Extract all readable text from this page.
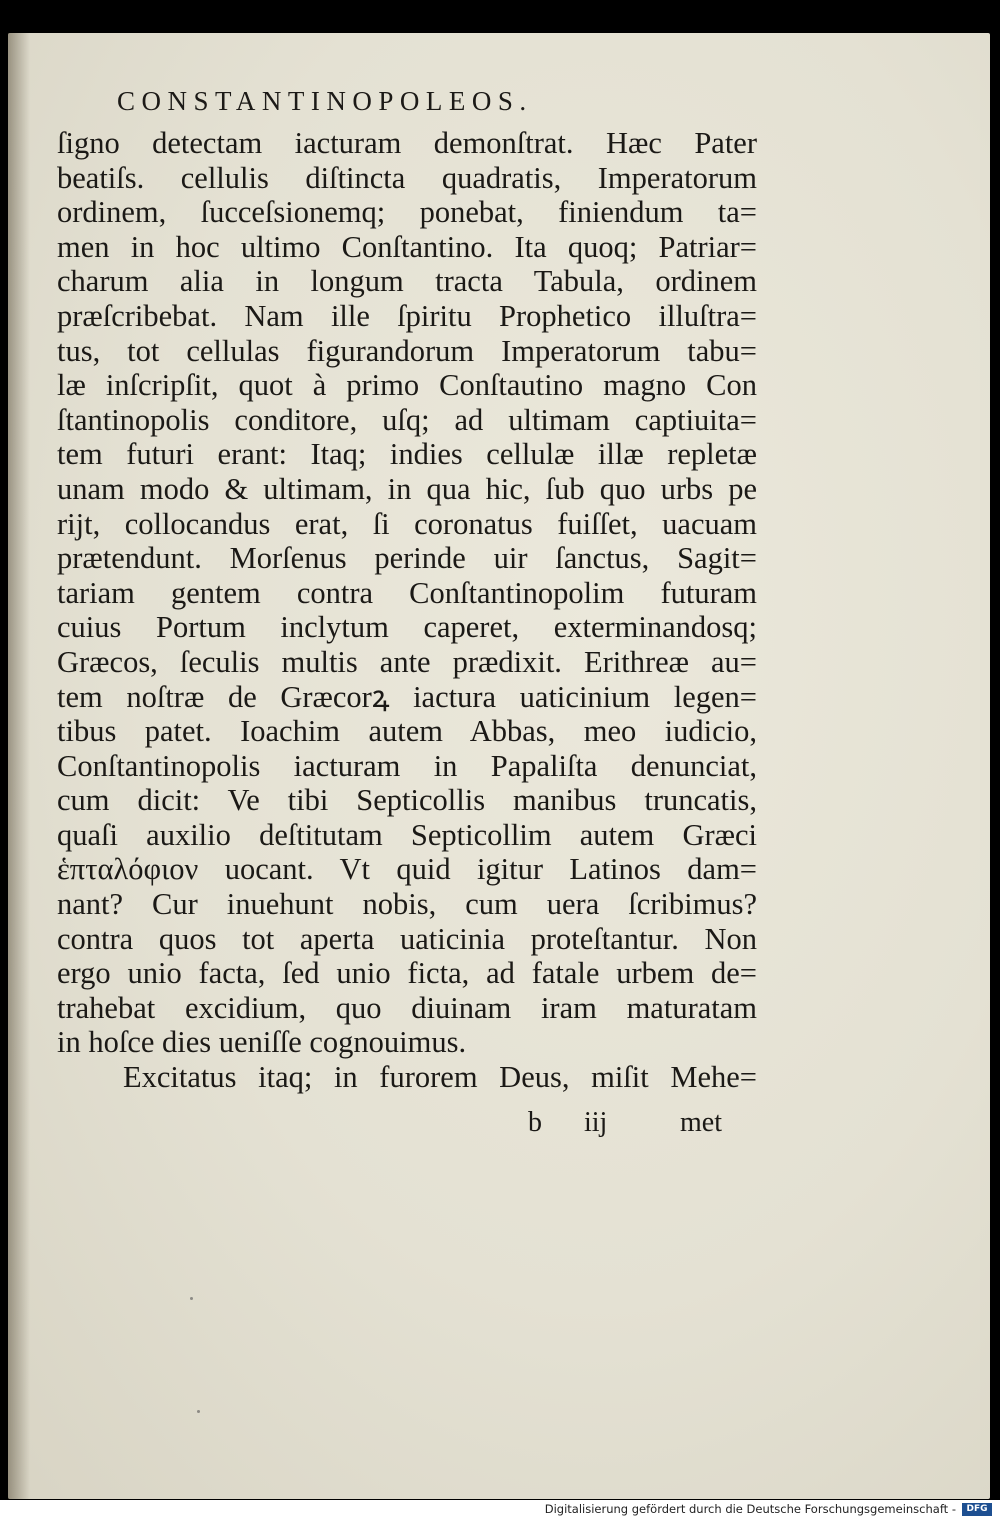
CONSTANTINOPOLEOS.
ſigno detectam iacturam demonſtrat. Hæc Pater
beatiſs. cellulis diſtincta quadratis, Imperatorum
ordinem, ſucceſsionemq; ponebat, finiendum ta=
men in hoc ultimo Conſtantino. Ita quoq; Patriar=
charum alia in longum tracta Tabula, ordinem
præſcribebat. Nam ille ſpiritu Prophetico illuſtra=
tus, tot cellulas figurandorum Imperatorum tabu=
læ inſcripſit, quot à primo Conſtautino magno Con
ſtantinopolis conditore, uſq; ad ultimam captiuita=
tem futuri erant: Itaq; indies cellulæ illæ repletæ
unam modo & ultimam, in qua hic, ſub quo urbs pe
rijt, collocandus erat, ſi coronatus fuiſſet, uacuam
prætendunt. Morſenus perinde uir ſanctus, Sagit=
tariam gentem contra Conſtantinopolim futuram
cuius Portum inclytum caperet, exterminandosq;
Græcos, ſeculis multis ante prædixit. Erithreæ au=
tem noſtræ de Græcorꝝ iactura uaticinium legen=
tibus patet. Ioachim autem Abbas, meo iudicio,
Conſtantinopolis iacturam in Papaliſta denunciat,
cum dicit: Ve tibi Septicollis manibus truncatis,
quaſi auxilio deſtitutam Septicollim autem Græci
ἑπταλόφιον uocant. Vt quid igitur Latinos dam=
nant? Cur inuehunt nobis, cum uera ſcribimus?
contra quos tot aperta uaticinia proteſtantur. Non
ergo unio facta, ſed unio ficta, ad fatale urbem de=
trahebat excidium, quo diuinam iram maturatam
in hoſce dies ueniſſe cognouimus.
Excitatus itaq; in furorem Deus, miſit Mehe=
b iij	met
Digitalisierung gefördert durch die Deutsche Forschungsgemeinschaft -	DFG
